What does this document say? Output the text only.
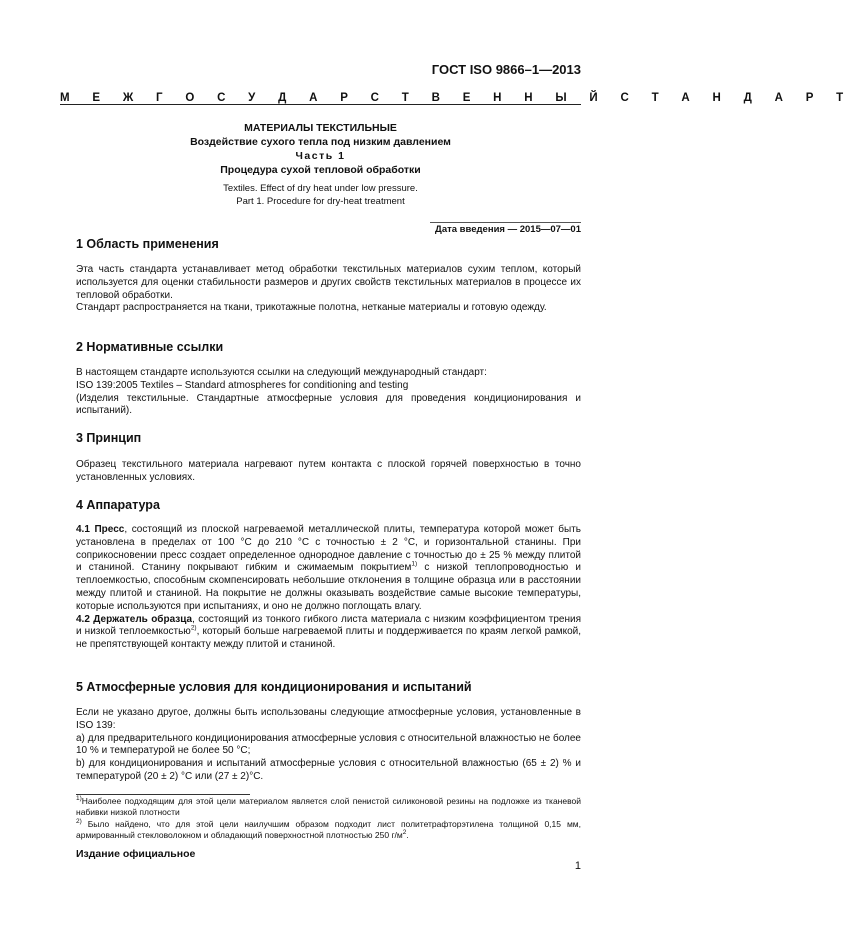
ГОСТ ISO 9866–1—2013
М Е Ж Г О С У Д А Р С Т В Е Н Н Ы Й С Т А Н Д А Р Т
МАТЕРИАЛЫ ТЕКСТИЛЬНЫЕ
Воздействие сухого тепла под низким давлением
Часть 1
Процедура сухой тепловой обработки
Textiles. Effect of dry heat under low pressure.
Part 1. Procedure for dry-heat treatment
Дата введения — 2015—07—01
1 Область применения
Эта часть стандарта устанавливает метод обработки текстильных материалов сухим теплом, который используется для оценки стабильности размеров и других свойств текстильных материалов в процессе их тепловой обработки.
Стандарт распространяется на ткани, трикотажные полотна, нетканые материалы и готовую одежду.
2 Нормативные ссылки
В настоящем стандарте используются ссылки на следующий международный стандарт:
ISO 139:2005 Textiles – Standard atmospheres for conditioning and testing
(Изделия текстильные. Стандартные атмосферные условия для проведения кондиционирования и испытаний).
3 Принцип
Образец текстильного материала нагревают путем контакта с плоской горячей поверхностью в точно установленных условиях.
4 Аппаратура
4.1 Пресс, состоящий из плоской нагреваемой металлической плиты, температура которой может быть установлена в пределах от 100 °С до 210 °С с точностью ± 2 °С, и горизонтальной станины. При соприкосновении пресс создает определенное однородное давление с точностью до ± 25 % между плитой и станиной. Станину покрывают гибким и сжимаемым покрытием$^{1)}$ с низкой теплопроводностью и теплоемкостью, способным скомпенсировать небольшие отклонения в толщине образца или в расстоянии между плитой и станиной. На покрытие не должны оказывать воздействие самые высокие температуры, которые используются при испытаниях, и оно не должно поглощать влагу.
4.2 Держатель образца, состоящий из тонкого гибкого листа материала с низким коэффициентом трения и низкой теплоемкостью$^{2)}$, который больше нагреваемой плиты и поддерживается по краям легкой рамкой, не препятствующей контакту между плитой и станиной.
5 Атмосферные условия для кондиционирования и испытаний
Если не указано другое, должны быть использованы следующие атмосферные условия, установленные в ISO 139:
a) для предварительного кондиционирования атмосферные условия с относительной влажностью не более 10 % и температурой не более 50 °С;
b) для кондиционирования и испытаний атмосферные условия с относительной влажностью (65 ± 2) % и температурой (20 ± 2) °С или (27 ± 2)°С.
$^{1)}$Наиболее подходящим для этой цели материалом является слой пенистой силиконовой резины на подложке из тканевой набивки низкой плотности
$^{2)}$ Было найдено, что для этой цели наилучшим образом подходит лист политетрафторэтилена толщиной 0,15 мм, армированный стекловолокном и обладающий поверхностной плотностью 250 $г/м^2$.
Издание официальное
1
